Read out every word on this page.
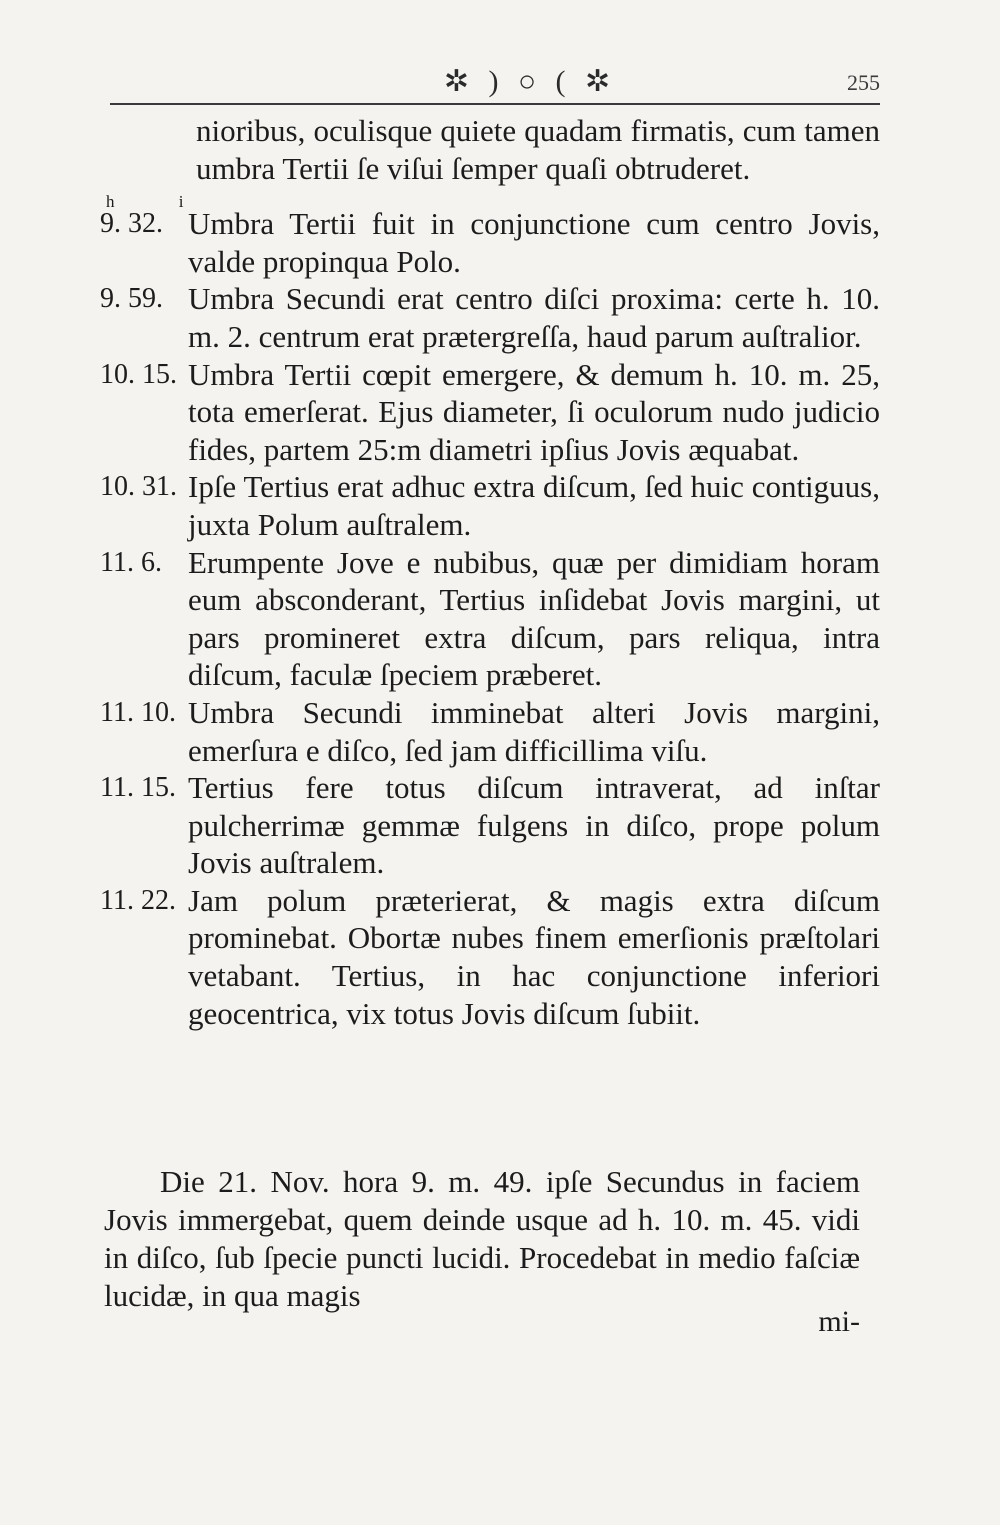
✲ ) ○ ( ✲	255
nioribus, oculisque quiete quadam firmatis, cum tamen umbra Tertii ſe viſui ſemper quaſi obtruderet.
h i
9. 32. Umbra Tertii fuit in conjunctione cum centro Jovis, valde propinqua Polo.
9. 59. Umbra Secundi erat centro diſci proxima: certe h. 10. m. 2. centrum erat prætergreſſa, haud parum auſtralior.
10. 15. Umbra Tertii cœpit emergere, & demum h. 10. m. 25, tota emerſerat. Ejus diameter, ſi oculorum nudo judicio fides, partem 25:m diametri ipſius Jovis æquabat.
10. 31. Ipſe Tertius erat adhuc extra diſcum, ſed huic contiguus, juxta Polum auſtralem.
11. 6. Erumpente Jove e nubibus, quæ per dimidiam horam eum absconderant, Tertius inſidebat Jovis margini, ut pars promineret extra diſcum, pars reliqua, intra diſcum, faculæ ſpeciem præberet.
11. 10. Umbra Secundi imminebat alteri Jovis margini, emerſura e diſco, ſed jam difficillima viſu.
11. 15. Tertius fere totus diſcum intraverat, ad inſtar pulcherrimæ gemmæ fulgens in diſco, prope polum Jovis auſtralem.
11. 22. Jam polum præterierat, & magis extra diſcum prominebat. Obortæ nubes finem emerſionis præſtolari vetabant. Tertius, in hac conjunctione inferiori geocentrica, vix totus Jovis diſcum ſubiit.
Die 21. Nov. hora 9. m. 49. ipſe Secundus in faciem Jovis immergebat, quem deinde usque ad h. 10. m. 45. vidi in diſco, ſub ſpecie puncti lucidi. Procedebat in medio faſciæ lucidæ, in qua magis
mi-
